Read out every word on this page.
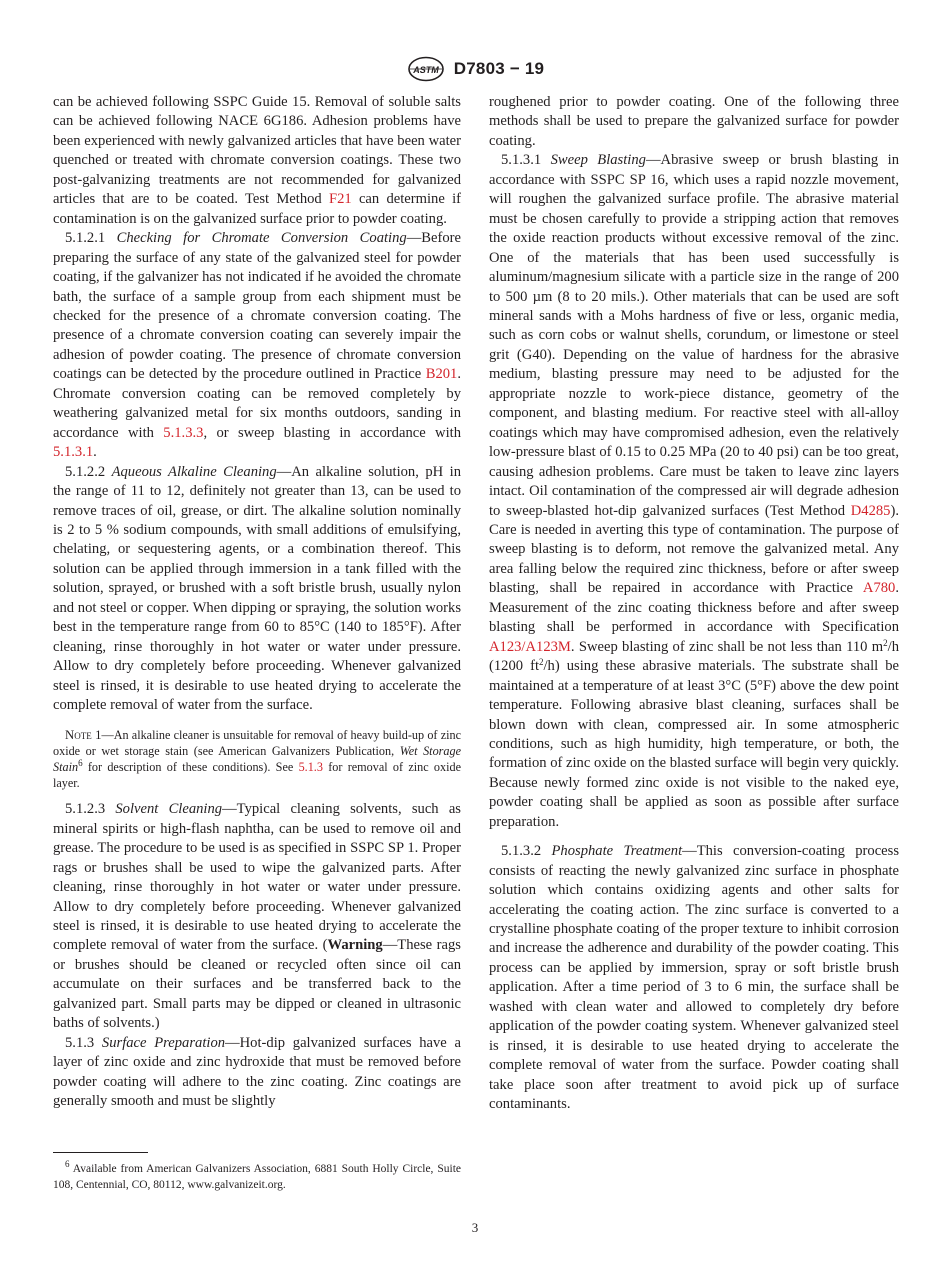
ASTM D7803 − 19

can be achieved following SSPC Guide 15. Removal of soluble salts can be achieved following NACE 6G186. Adhesion problems have been experienced with newly galvanized articles that have been water quenched or treated with chromate conversion coatings. These two post-galvanizing treatments are not recommended for galvanized articles that are to be coated. Test Method F21 can determine if contamination is on the galvanized surface prior to powder coating.

5.1.2.1 Checking for Chromate Conversion Coating—Before preparing the surface of any state of the galvanized steel for powder coating, if the galvanizer has not indicated if he avoided the chromate bath, the surface of a sample group from each shipment must be checked for the presence of a chromate conversion coating. The presence of a chromate conversion coating can severely impair the adhesion of powder coating. The presence of chromate conversion coatings can be detected by the procedure outlined in Practice B201. Chromate conversion coating can be removed completely by weathering galvanized metal for six months outdoors, sanding in accordance with 5.1.3.3, or sweep blasting in accordance with 5.1.3.1.

5.1.2.2 Aqueous Alkaline Cleaning—An alkaline solution, pH in the range of 11 to 12, definitely not greater than 13, can be used to remove traces of oil, grease, or dirt. The alkaline solution nominally is 2 to 5 % sodium compounds, with small additions of emulsifying, chelating, or sequestering agents, or a combination thereof. This solution can be applied through immersion in a tank filled with the solution, sprayed, or brushed with a soft bristle brush, usually nylon and not steel or copper. When dipping or spraying, the solution works best in the temperature range from 60 to 85°C (140 to 185°F). After cleaning, rinse thoroughly in hot water or water under pressure. Allow to dry completely before proceeding. Whenever galvanized steel is rinsed, it is desirable to use heated drying to accelerate the complete removal of water from the surface.

Note 1—An alkaline cleaner is unsuitable for removal of heavy build-up of zinc oxide or wet storage stain (see American Galvanizers Publication, Wet Storage Stain$^6$ for description of these conditions). See 5.1.3 for removal of zinc oxide layer.

5.1.2.3 Solvent Cleaning—Typical cleaning solvents, such as mineral spirits or high-flash naphtha, can be used to remove oil and grease. The procedure to be used is as specified in SSPC SP 1. Proper rags or brushes shall be used to wipe the galvanized parts. After cleaning, rinse thoroughly in hot water or water under pressure. Allow to dry completely before proceeding. Whenever galvanized steel is rinsed, it is desirable to use heated drying to accelerate the complete removal of water from the surface. (Warning—These rags or brushes should be cleaned or recycled often since oil can accumulate on their surfaces and be transferred back to the galvanized part. Small parts may be dipped or cleaned in ultrasonic baths of solvents.)

5.1.3 Surface Preparation—Hot-dip galvanized surfaces have a layer of zinc oxide and zinc hydroxide that must be removed before powder coating will adhere to the zinc coating. Zinc coatings are generally smooth and must be slightly

roughened prior to powder coating. One of the following three methods shall be used to prepare the galvanized surface for powder coating.

5.1.3.1 Sweep Blasting—Abrasive sweep or brush blasting in accordance with SSPC SP 16, which uses a rapid nozzle movement, will roughen the galvanized surface profile. The abrasive material must be chosen carefully to provide a stripping action that removes the oxide reaction products without excessive removal of the zinc. One of the materials that has been used successfully is aluminum/magnesium silicate with a particle size in the range of 200 to 500 µm (8 to 20 mils.). Other materials that can be used are soft mineral sands with a Mohs hardness of five or less, organic media, such as corn cobs or walnut shells, corundum, or limestone or steel grit (G40). Depending on the value of hardness for the abrasive medium, blasting pressure may need to be adjusted for the appropriate nozzle to work-piece distance, geometry of the component, and blasting medium. For reactive steel with all-alloy coatings which may have compromised adhesion, even the relatively low-pressure blast of 0.15 to 0.25 MPa (20 to 40 psi) can be too great, causing adhesion problems. Care must be taken to leave zinc layers intact. Oil contamination of the compressed air will degrade adhesion to sweep-blasted hot-dip galvanized surfaces (Test Method D4285). Care is needed in averting this type of contamination. The purpose of sweep blasting is to deform, not remove the galvanized metal. Any area falling below the required zinc thickness, before or after sweep blasting, shall be repaired in accordance with Practice A780. Measurement of the zinc coating thickness before and after sweep blasting shall be performed in accordance with Specification A123/A123M. Sweep blasting of zinc shall be not less than 110 $m^2/h$ (1200 $ft^2/h$) using these abrasive materials. The substrate shall be maintained at a temperature of at least 3°C (5°F) above the dew point temperature. Following abrasive blast cleaning, surfaces shall be blown down with clean, compressed air. In some atmospheric conditions, such as high humidity, high temperature, or both, the formation of zinc oxide on the blasted surface will begin very quickly. Because newly formed zinc oxide is not visible to the naked eye, powder coating shall be applied as soon as possible after surface preparation.

5.1.3.2 Phosphate Treatment—This conversion-coating process consists of reacting the newly galvanized zinc surface in phosphate solution which contains oxidizing agents and other salts for accelerating the coating action. The zinc surface is converted to a crystalline phosphate coating of the proper texture to inhibit corrosion and increase the adherence and durability of the powder coating. This process can be applied by immersion, spray or soft bristle brush application. After a time period of 3 to 6 min, the surface shall be washed with clean water and allowed to completely dry before application of the powder coating system. Whenever galvanized steel is rinsed, it is desirable to use heated drying to accelerate the complete removal of water from the surface. Powder coating shall take place soon after treatment to avoid pick up of surface contaminants.

$^6$ Available from American Galvanizers Association, 6881 South Holly Circle, Suite 108, Centennial, CO, 80112, www.galvanizeit.org.

3
